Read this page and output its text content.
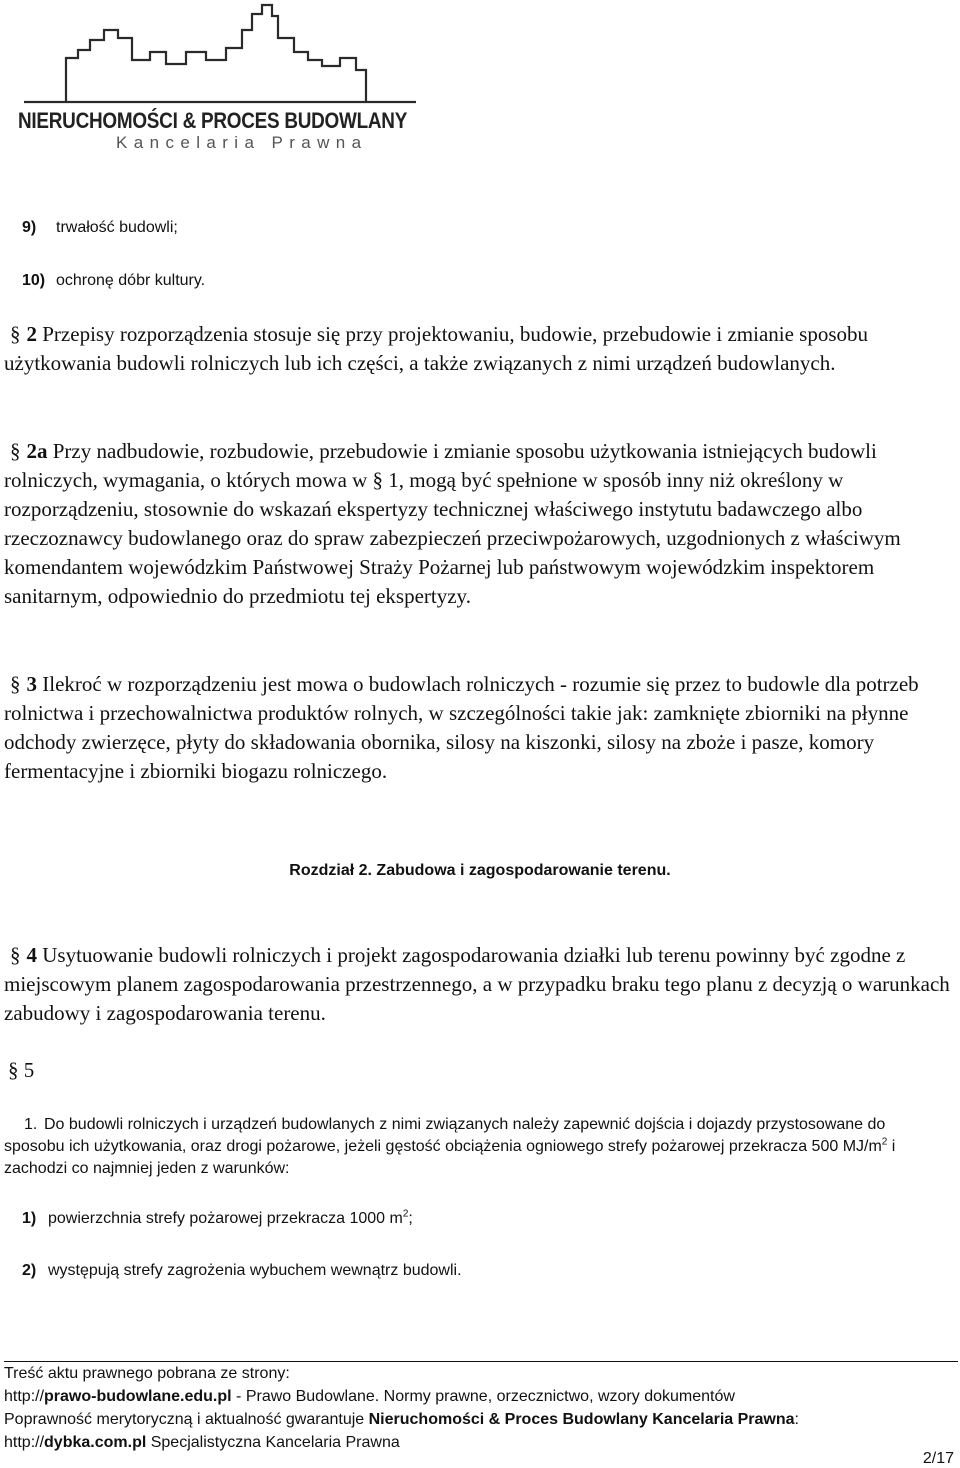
NIERUCHOMOŚCI & PROCES BUDOWLANY
Kancelaria Prawna
9) trwałość budowli;
10) ochronę dóbr kultury.
§ 2 Przepisy rozporządzenia stosuje się przy projektowaniu, budowie, przebudowie i zmianie sposobu użytkowania budowli rolniczych lub ich części, a także związanych z nimi urządzeń budowlanych.
§ 2a Przy nadbudowie, rozbudowie, przebudowie i zmianie sposobu użytkowania istniejących budowli rolniczych, wymagania, o których mowa w § 1, mogą być spełnione w sposób inny niż określony w rozporządzeniu, stosownie do wskazań ekspertyzy technicznej właściwego instytutu badawczego albo rzeczoznawcy budowlanego oraz do spraw zabezpieczeń przeciwpożarowych, uzgodnionych z właściwym komendantem wojewódzkim Państwowej Straży Pożarnej lub państwowym wojewódzkim inspektorem sanitarnym, odpowiednio do przedmiotu tej ekspertyzy.
§ 3 Ilekroć w rozporządzeniu jest mowa o budowlach rolniczych - rozumie się przez to budowle dla potrzeb rolnictwa i przechowalnictwa produktów rolnych, w szczególności takie jak: zamknięte zbiorniki na płynne odchody zwierzęce, płyty do składowania obornika, silosy na kiszonki, silosy na zboże i pasze, komory fermentacyjne i zbiorniki biogazu rolniczego.
Rozdział 2. Zabudowa i zagospodarowanie terenu.
§ 4 Usytuowanie budowli rolniczych i projekt zagospodarowania działki lub terenu powinny być zgodne z miejscowym planem zagospodarowania przestrzennego, a w przypadku braku tego planu z decyzją o warunkach zabudowy i zagospodarowania terenu.
§ 5
1. Do budowli rolniczych i urządzeń budowlanych z nimi związanych należy zapewnić dojścia i dojazdy przystosowane do sposobu ich użytkowania, oraz drogi pożarowe, jeżeli gęstość obciążenia ogniowego strefy pożarowej przekracza 500 $MJ/m^2$ i zachodzi co najmniej jeden z warunków:
1) powierzchnia strefy pożarowej przekracza 1000 $m^2$;
2) występują strefy zagrożenia wybuchem wewnątrz budowli.
Treść aktu prawnego pobrana ze strony:
http://prawo-budowlane.edu.pl - Prawo Budowlane. Normy prawne, orzecznictwo, wzory dokumentów
Poprawność merytoryczną i aktualność gwarantuje Nieruchomości & Proces Budowlany Kancelaria Prawna:
http://dybka.com.pl Specjalistyczna Kancelaria Prawna
2/17
